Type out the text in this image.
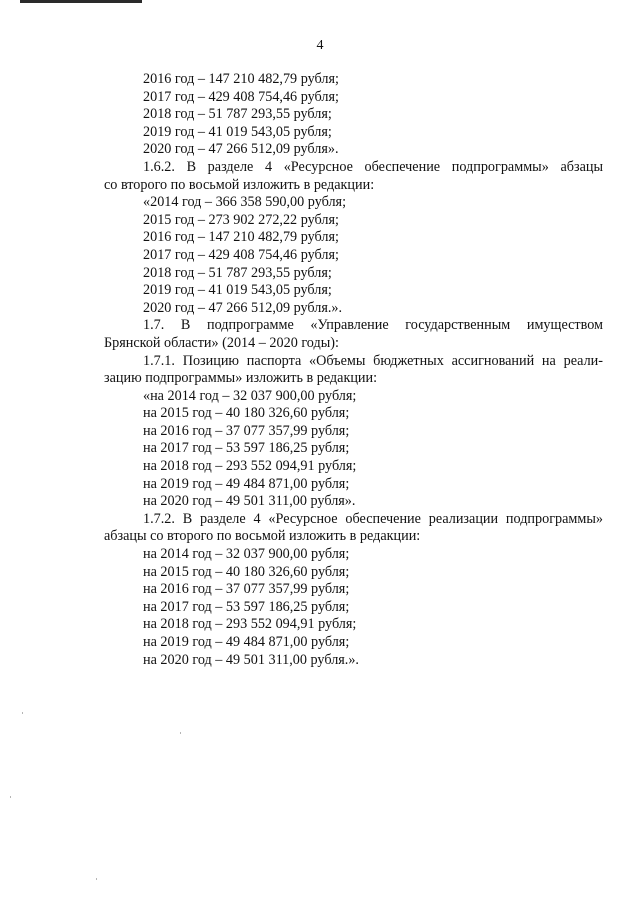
4
2016 год – 147 210 482,79 рубля;
2017 год – 429 408 754,46 рубля;
2018 год – 51 787 293,55 рубля;
2019 год – 41 019 543,05 рубля;
2020 год – 47 266 512,09 рубля».
1.6.2. В разделе 4 «Ресурсное обеспечение подпрограммы» абзацы
со второго по восьмой изложить в редакции:
«2014 год – 366 358 590,00 рубля;
2015 год – 273 902 272,22 рубля;
2016 год – 147 210 482,79 рубля;
2017 год – 429 408 754,46 рубля;
2018 год – 51 787 293,55 рубля;
2019 год – 41 019 543,05 рубля;
2020 год – 47 266 512,09 рубля.».
1.7. В подпрограмме «Управление государственным имуществом
Брянской области» (2014 – 2020 годы):
1.7.1. Позицию паспорта «Объемы бюджетных ассигнований на реали-
зацию подпрограммы» изложить в редакции:
«на 2014 год – 32 037 900,00 рубля;
на 2015 год – 40 180 326,60 рубля;
на 2016 год – 37 077 357,99 рубля;
на 2017 год – 53 597 186,25 рубля;
на 2018 год – 293 552 094,91 рубля;
на 2019 год – 49 484 871,00 рубля;
на 2020 год – 49 501 311,00 рубля».
1.7.2. В разделе 4 «Ресурсное обеспечение реализации подпрограммы»
абзацы со второго по восьмой изложить в редакции:
на 2014 год – 32 037 900,00 рубля;
на 2015 год – 40 180 326,60 рубля;
на 2016 год – 37 077 357,99 рубля;
на 2017 год – 53 597 186,25 рубля;
на 2018 год – 293 552 094,91 рубля;
на 2019 год – 49 484 871,00 рубля;
на 2020 год – 49 501 311,00 рубля.».
